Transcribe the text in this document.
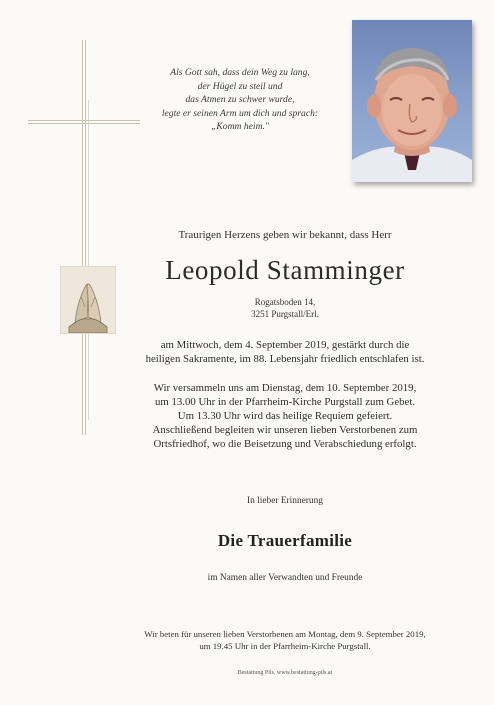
Als Gott sah, dass dein Weg zu lang,
der Hügel zu steil und
das Atmen zu schwer wurde,
legte er seinen Arm um dich und sprach:
„Komm heim."
Traurigen Herzens geben wir bekannt, dass Herr
Leopold Stamminger
Rogatsboden 14,
3251 Purgstall/Erl.
am Mittwoch, dem 4. September 2019, gestärkt durch die
heiligen Sakramente, im 88. Lebensjahr friedlich entschlafen ist.
Wir versammeln uns am Dienstag, dem 10. September 2019,
um 13.00 Uhr in der Pfarrheim-Kirche Purgstall zum Gebet.
Um 13.30 Uhr wird das heilige Requiem gefeiert.
Anschließend begleiten wir unseren lieben Verstorbenen zum
Ortsfriedhof, wo die Beisetzung und Verabschiedung erfolgt.
In lieber Erinnerung
Die Trauerfamilie
im Namen aller Verwandten und Freunde
Wir beten für unseren lieben Verstorbenen am Montag, dem 9. September 2019,
um 19.45 Uhr in der Pfarrheim-Kirche Purgstall.
Bestattung Pils, www.bestattung-pils.at
